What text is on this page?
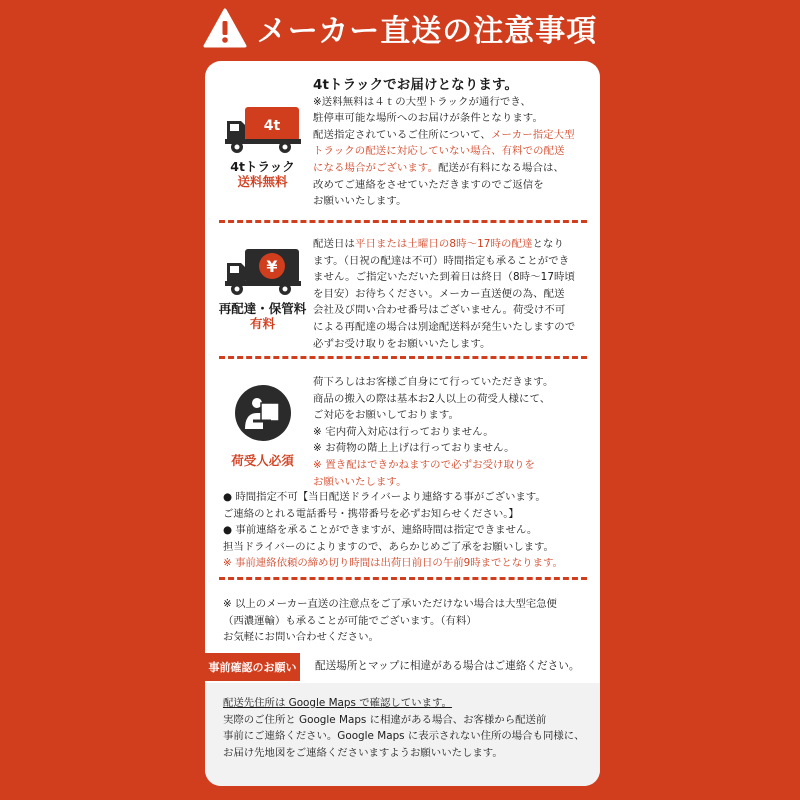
メーカー直送の注意事項
4t
4tトラック
送料無料

4tトラックでお届けとなります。

※送料無料は４ｔの大型トラックが通行でき、

駐停車可能な場所へのお届けが条件となります。

配送指定されているご住所について、メーカー指定大型

トラックの配送に対応していない場合、有料での配送

になる場合がございます。配送が有料になる場合は、

改めてご連絡をさせていただきますのでご返信を

お願いいたします。

¥
再配達・保管料
有料

配送日は平日または土曜日の8時〜17時の配達となり

ます。（日祝の配達は不可）時間指定も承ることができ

ません。ご指定いただいた到着日は終日（8時〜17時頃

を目安）お待ちください。メーカー直送便の為、配送

会社及び問い合わせ番号はございません。荷受け不可

による再配達の場合は別途配送料が発生いたしますので

必ずお受け取りをお願いいたします。

荷受人必須

荷下ろしはお客様ご自身にて行っていただきます。

商品の搬入の際は基本お2人以上の荷受人様にて、

ご対応をお願いしております。

※ 宅内荷入対応は行っておりません。

※ お荷物の階上上げは行っておりません。

※ 置き配はできかねますので必ずお受け取りを

お願いいたします。

● 時間指定不可【当日配送ドライバーより連絡する事がございます。

ご連絡のとれる電話番号・携帯番号を必ずお知らせください。】

● 事前連絡を承ることができますが、連絡時間は指定できません。

担当ドライバーのによりますので、あらかじめご了承をお願いします。

※ 事前連絡依頼の締め切り時間は出荷日前日の午前9時までとなります。

※ 以上のメーカー直送の注意点をご了承いただけない場合は大型宅急便

（西濃運輸）も承ることが可能でございます。（有料）

お気軽にお問い合わせください。

事前確認のお願い	配送場所とマップに相違がある場合はご連絡ください。

配送先住所は Google Maps で確認しています。

実際のご住所と Google Maps に相違がある場合、お客様から配送前

事前にご連絡ください。Google Maps に表示されない住所の場合も同様に、

お届け先地図をご連絡くださいますようお願いいたします。
